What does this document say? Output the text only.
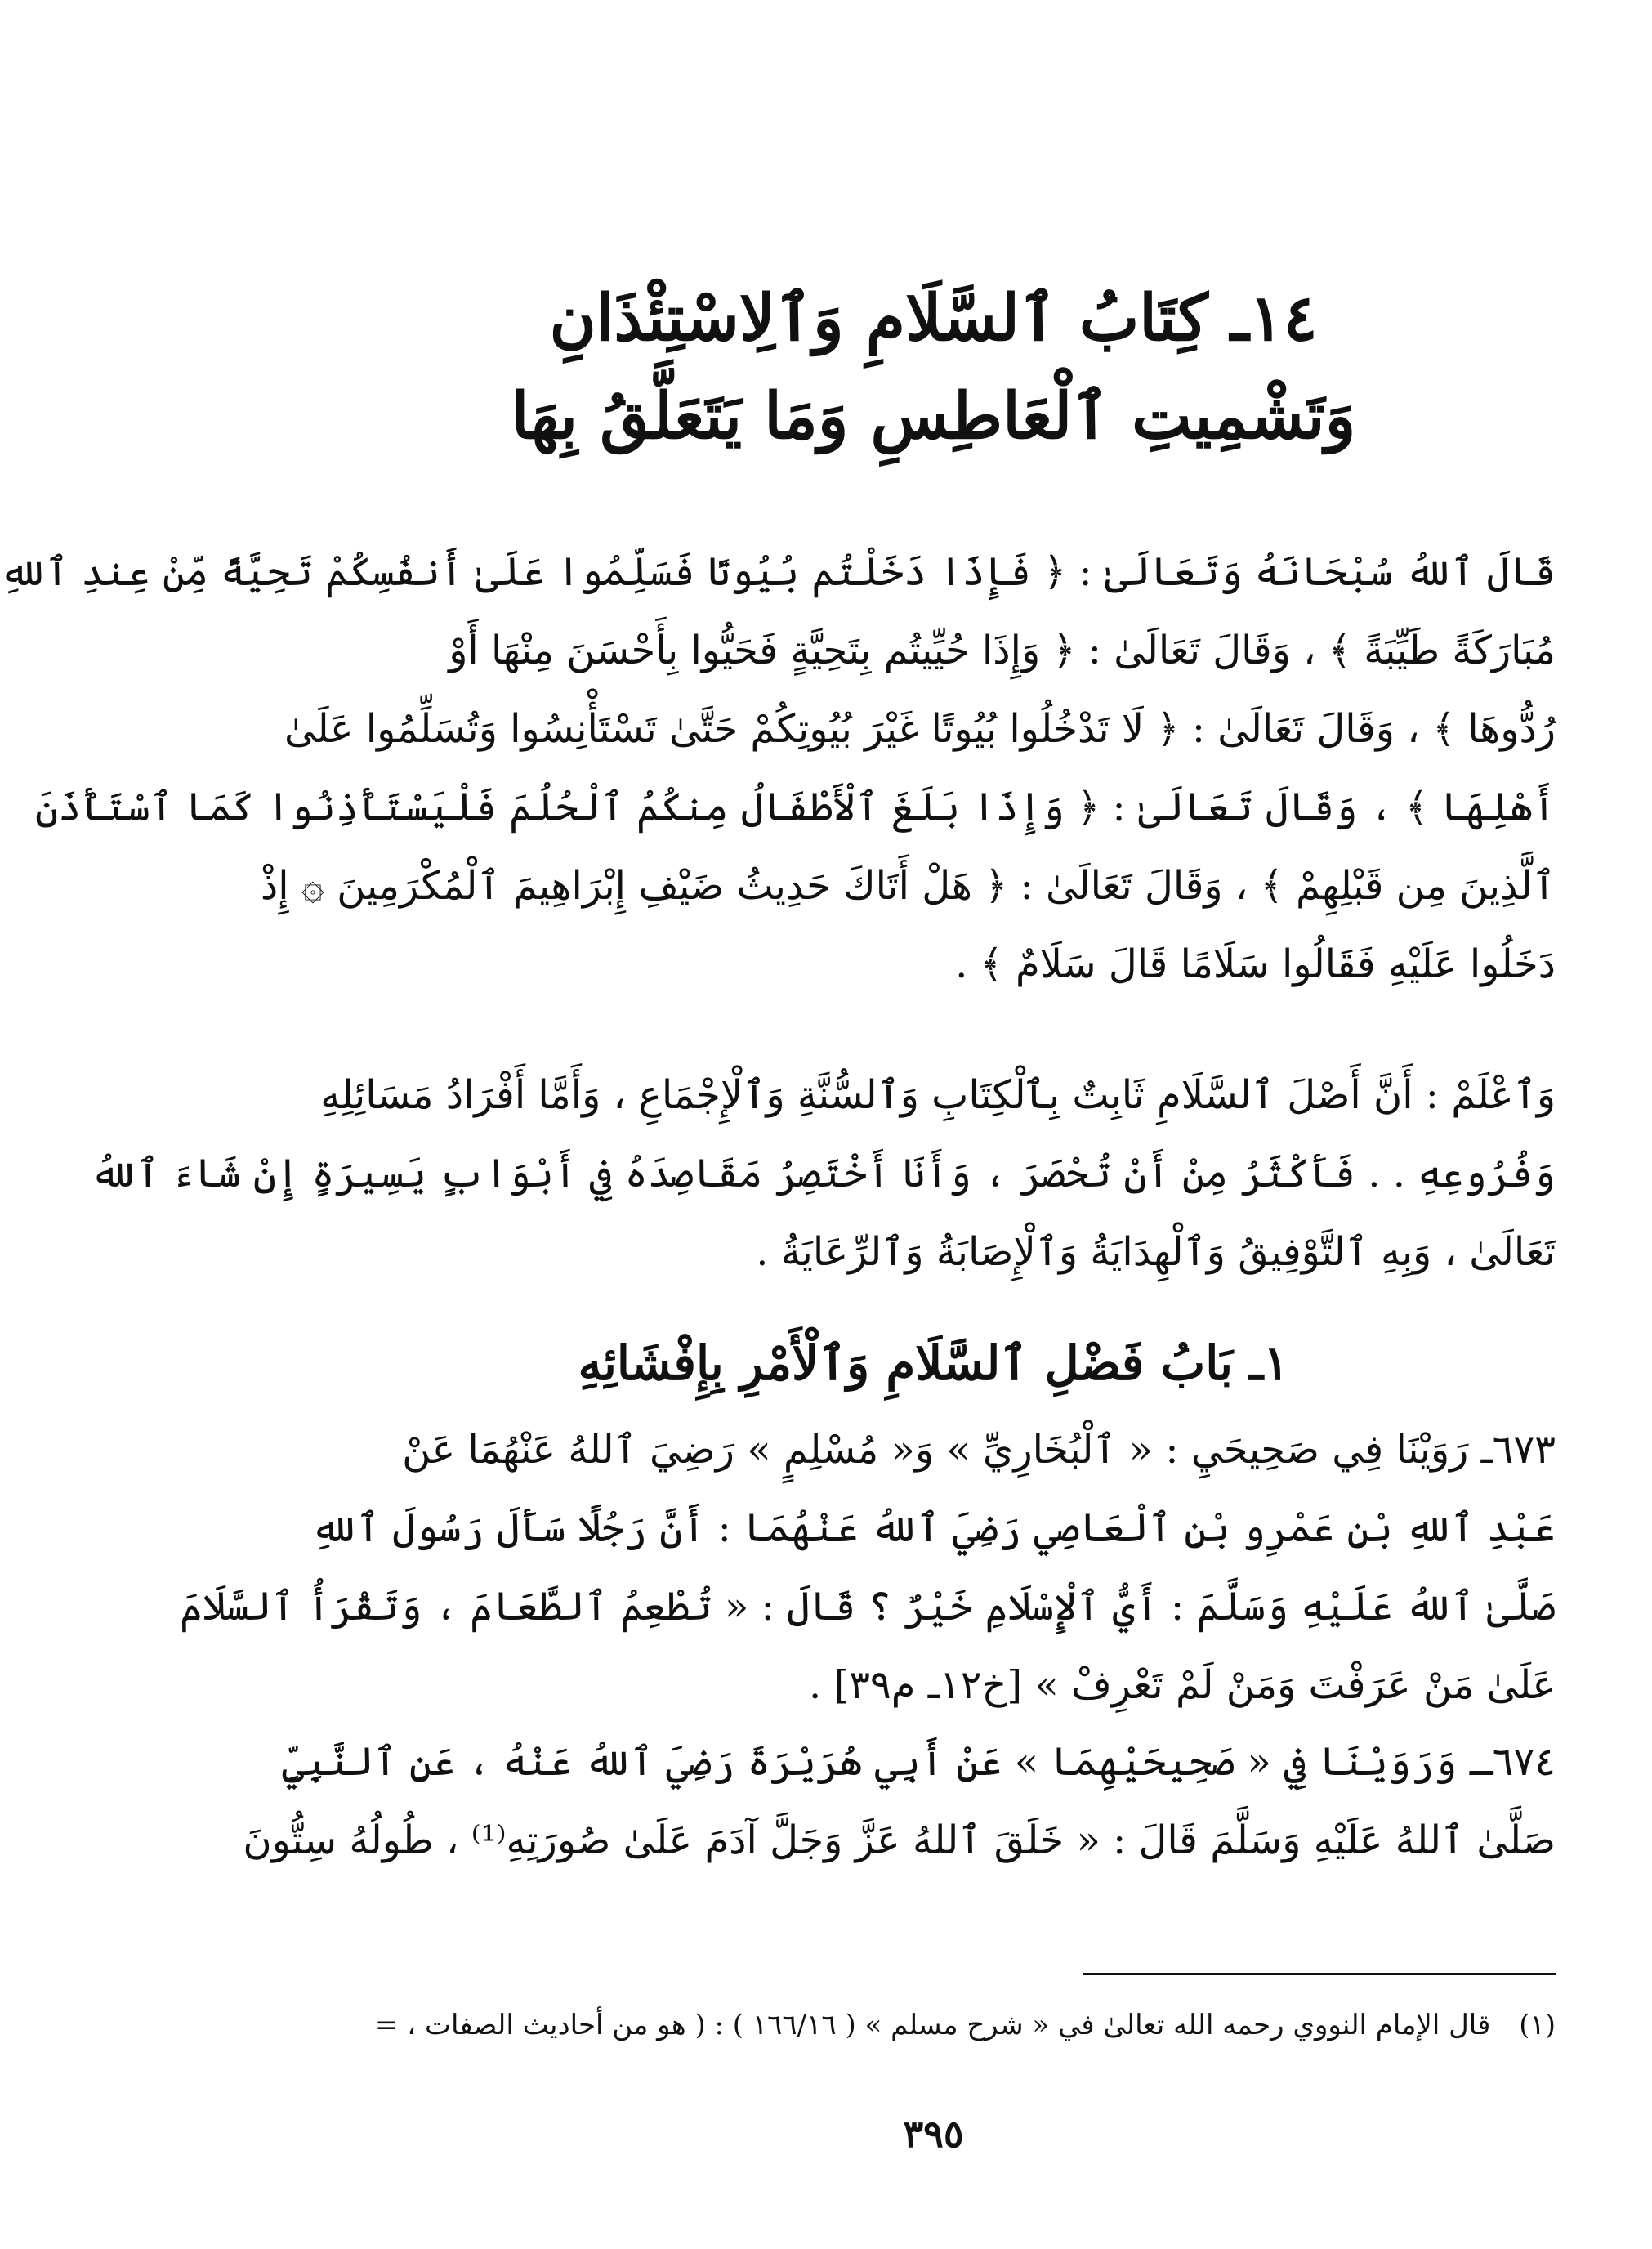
١٤ـ كِتَابُ ٱلسَّلَامِ وَٱلِاسْتِئْذَانِ
وَتَشْمِيتِ ٱلْعَاطِسِ وَمَا يَتَعَلَّقُ بِهَا
قَالَ ٱللهُ سُبْحَانَهُ وَتَعَالَىٰ : ﴿ فَإِذَا دَخَلْتُم بُيُوتًا فَسَلِّمُوا عَلَىٰ أَنفُسِكُمْ تَحِيَّةً مِّنْ عِندِ ٱللهِ
مُبَارَكَةً طَيِّبَةً ﴾ ، وَقَالَ تَعَالَىٰ : ﴿ وَإِذَا حُيِّيتُم بِتَحِيَّةٍ فَحَيُّوا بِأَحْسَنَ مِنْهَا أَوْ
رُدُّوهَا ﴾ ، وَقَالَ تَعَالَىٰ : ﴿ لَا تَدْخُلُوا بُيُوتًا غَيْرَ بُيُوتِكُمْ حَتَّىٰ تَسْتَأْنِسُوا وَتُسَلِّمُوا عَلَىٰ
أَهْلِهَا ﴾ ، وَقَالَ تَعَالَىٰ : ﴿ وَإِذَا بَلَغَ ٱلْأَطْفَالُ مِنكُمُ ٱلْحُلُمَ فَلْيَسْتَأْذِنُوا كَمَا ٱسْتَأْذَنَ
ٱلَّذِينَ مِن قَبْلِهِمْ ﴾ ، وَقَالَ تَعَالَىٰ : ﴿ هَلْ أَتَاكَ حَدِيثُ ضَيْفِ إِبْرَاهِيمَ ٱلْمُكْرَمِينَ ۞ إِذْ
دَخَلُوا عَلَيْهِ فَقَالُوا سَلَامًا قَالَ سَلَامٌ ﴾ .
وَٱعْلَمْ : أَنَّ أَصْلَ ٱلسَّلَامِ ثَابِتٌ بِٱلْكِتَابِ وَٱلسُّنَّةِ وَٱلْإِجْمَاعِ ، وَأَمَّا أَفْرَادُ مَسَائِلِهِ
وَفُرُوعِهِ . . فَأَكْثَرُ مِنْ أَنْ تُحْصَرَ ، وَأَنَا أَخْتَصِرُ مَقَاصِدَهُ فِي أَبْوَابٍ يَسِيرَةٍ إِنْ شَاءَ ٱللهُ
تَعَالَىٰ ، وَبِهِ ٱلتَّوْفِيقُ وَٱلْهِدَايَةُ وَٱلْإِصَابَةُ وَٱلرِّعَايَةُ .
١ـ بَابُ فَضْلِ ٱلسَّلَامِ وَٱلْأَمْرِ بِإِفْشَائِهِ
٦٧٣ـ رَوَيْنَا فِي صَحِيحَيِ : « ٱلْبُخَارِيِّ » وَ« مُسْلِمٍ » رَضِيَ ٱللهُ عَنْهُمَا عَنْ
عَبْدِ ٱللهِ بْنِ عَمْرِو بْنِ ٱلْعَاصِي رَضِيَ ٱللهُ عَنْهُمَا : أَنَّ رَجُلًا سَأَلَ رَسُولَ ٱللهِ
صَلَّىٰ ٱللهُ عَلَيْهِ وَسَلَّمَ : أَيُّ ٱلْإِسْلَامِ خَيْرٌ ؟ قَالَ : « تُطْعِمُ ٱلطَّعَامَ ، وَتَقْرَأُ ٱلسَّلَامَ
عَلَىٰ مَنْ عَرَفْتَ وَمَنْ لَمْ تَعْرِفْ » [خ١٢ـ م٣٩] .
٦٧٤ـ وَرَوَيْنَا فِي « صَحِيحَيْهِمَا » عَنْ أَبِي هُرَيْرَةَ رَضِيَ ٱللهُ عَنْهُ ، عَنِ ٱلنَّبِيِّ
صَلَّىٰ ٱللهُ عَلَيْهِ وَسَلَّمَ قَالَ : « خَلَقَ ٱللهُ عَزَّ وَجَلَّ آدَمَ عَلَىٰ صُورَتِهِ⁽¹⁾ ، طُولُهُ سِتُّونَ
(١) قال الإمام النووي رحمه الله تعالىٰ في « شرح مسلم » ( ١٦٦/١٦ ) : ( هو من أحاديث الصفات ، =
٣٩٥
